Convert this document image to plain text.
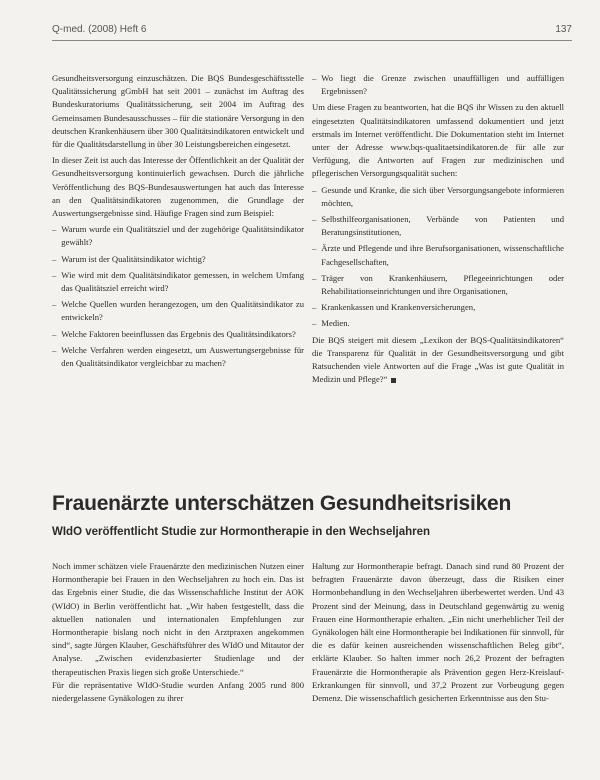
Q-med. (2008) Heft 6	137

Gesundheitsversorgung einzuschätzen. Die BQS Bundesgeschäftsstelle Qualitätssicherung gGmbH hat seit 2001 – zunächst im Auftrag des Bundeskuratoriums Qualitätssicherung, seit 2004 im Auftrag des Gemeinsamen Bundesausschusses – für die stationäre Versorgung in den deutschen Krankenhäusern über 300 Qualitätsindikatoren entwickelt und für die Qualitätsdarstellung in über 30 Leistungsbereichen eingesetzt.

In dieser Zeit ist auch das Interesse der Öffentlichkeit an der Qualität der Gesundheitsversorgung kontinuierlich gewachsen. Durch die jährliche Veröffentlichung des BQS-Bundesauswertungen hat auch das Interesse an den Qualitätsindikatoren zugenommen, die Grundlage der Auswertungsergebnisse sind. Häufige Fragen sind zum Beispiel:

– Warum wurde ein Qualitätsziel und der zugehörige Qualitätsindikator gewählt?
– Warum ist der Qualitätsindikator wichtig?
– Wie wird mit dem Qualitätsindikator gemessen, in welchem Umfang das Qualitätsziel erreicht wird?
– Welche Quellen wurden herangezogen, um den Qualitätsindikator zu entwickeln?
– Welche Faktoren beeinflussen das Ergebnis des Qualitätsindikators?
– Welche Verfahren werden eingesetzt, um Auswertungsergebnisse für den Qualitätsindikator vergleichbar zu machen?
– Wo liegt die Grenze zwischen unauffälligen und auffälligen Ergebnissen?

Um diese Fragen zu beantworten, hat die BQS ihr Wissen zu den aktuell eingesetzten Qualitätsindikatoren umfassend dokumentiert und jetzt erstmals im Internet veröffentlicht. Die Dokumentation steht im Internet unter der Adresse www.bqs-qualitaetsindikatoren.de für alle zur Verfügung, die Antworten auf Fragen zur medizinischen und pflegerischen Versorgungsqualität suchen:

– Gesunde und Kranke, die sich über Versorgungsangebote informieren möchten,
– Selbsthilfeorganisationen, Verbände von Patienten und Beratungsinstitutionen,
– Ärzte und Pflegende und ihre Berufsorganisationen, wissenschaftliche Fachgesellschaften,
– Träger von Krankenhäusern, Pflegeeinrichtungen oder Rehabilitationseinrichtungen und ihre Organisationen,
– Krankenkassen und Krankenversicherungen,
– Medien.

Die BQS steigert mit diesem „Lexikon der BQS-Qualitätsindikatoren“ die Transparenz für Qualität in der Gesundheitsversorgung und gibt Ratsuchenden viele Antworten auf die Frage „Was ist gute Qualität in Medizin und Pflege?“

Frauenärzte unterschätzen Gesundheitsrisiken
WIdO veröffentlicht Studie zur Hormontherapie in den Wechseljahren

Noch immer schätzen viele Frauenärzte den medizinischen Nutzen einer Hormontherapie bei Frauen in den Wechseljahren zu hoch ein. Das ist das Ergebnis einer Studie, die das Wissenschaftliche Institut der AOK (WIdO) in Berlin veröffentlicht hat. „Wir haben festgestellt, dass die aktuellen nationalen und internationalen Empfehlungen zur Hormontherapie bislang noch nicht in den Arztpraxen angekommen sind“, sagte Jürgen Klauber, Geschäftsführer des WIdO und Mitautor der Analyse. „Zwischen evidenzbasierter Studienlage und der therapeutischen Praxis liegen sich große Unterschiede.“

Für die repräsentative WIdO-Studie wurden Anfang 2005 rund 800 niedergelassene Gynäkologen zu ihrer

Haltung zur Hormontherapie befragt. Danach sind rund 80 Prozent der befragten Frauenärzte davon überzeugt, dass die Risiken einer Hormonbehandlung in den Wechseljahren überbewertet werden. Und 43 Prozent sind der Meinung, dass in Deutschland gegenwärtig zu wenig Frauen eine Hormontherapie erhalten. „Ein nicht unerheblicher Teil der Gynäkologen hält eine Hormontherapie bei Indikationen für sinnvoll, für die es dafür keinen ausreichenden wissenschaftlichen Beleg gibt“, erklärte Klauber. So halten immer noch 26,2 Prozent der befragten Frauenärzte die Hormontherapie als Prävention gegen Herz-Kreislauf-Erkrankungen für sinnvoll, und 37,2 Prozent zur Vorbeugung gegen Demenz. Die wissenschaftlich gesicherten Erkenntnisse aus den Stu-
